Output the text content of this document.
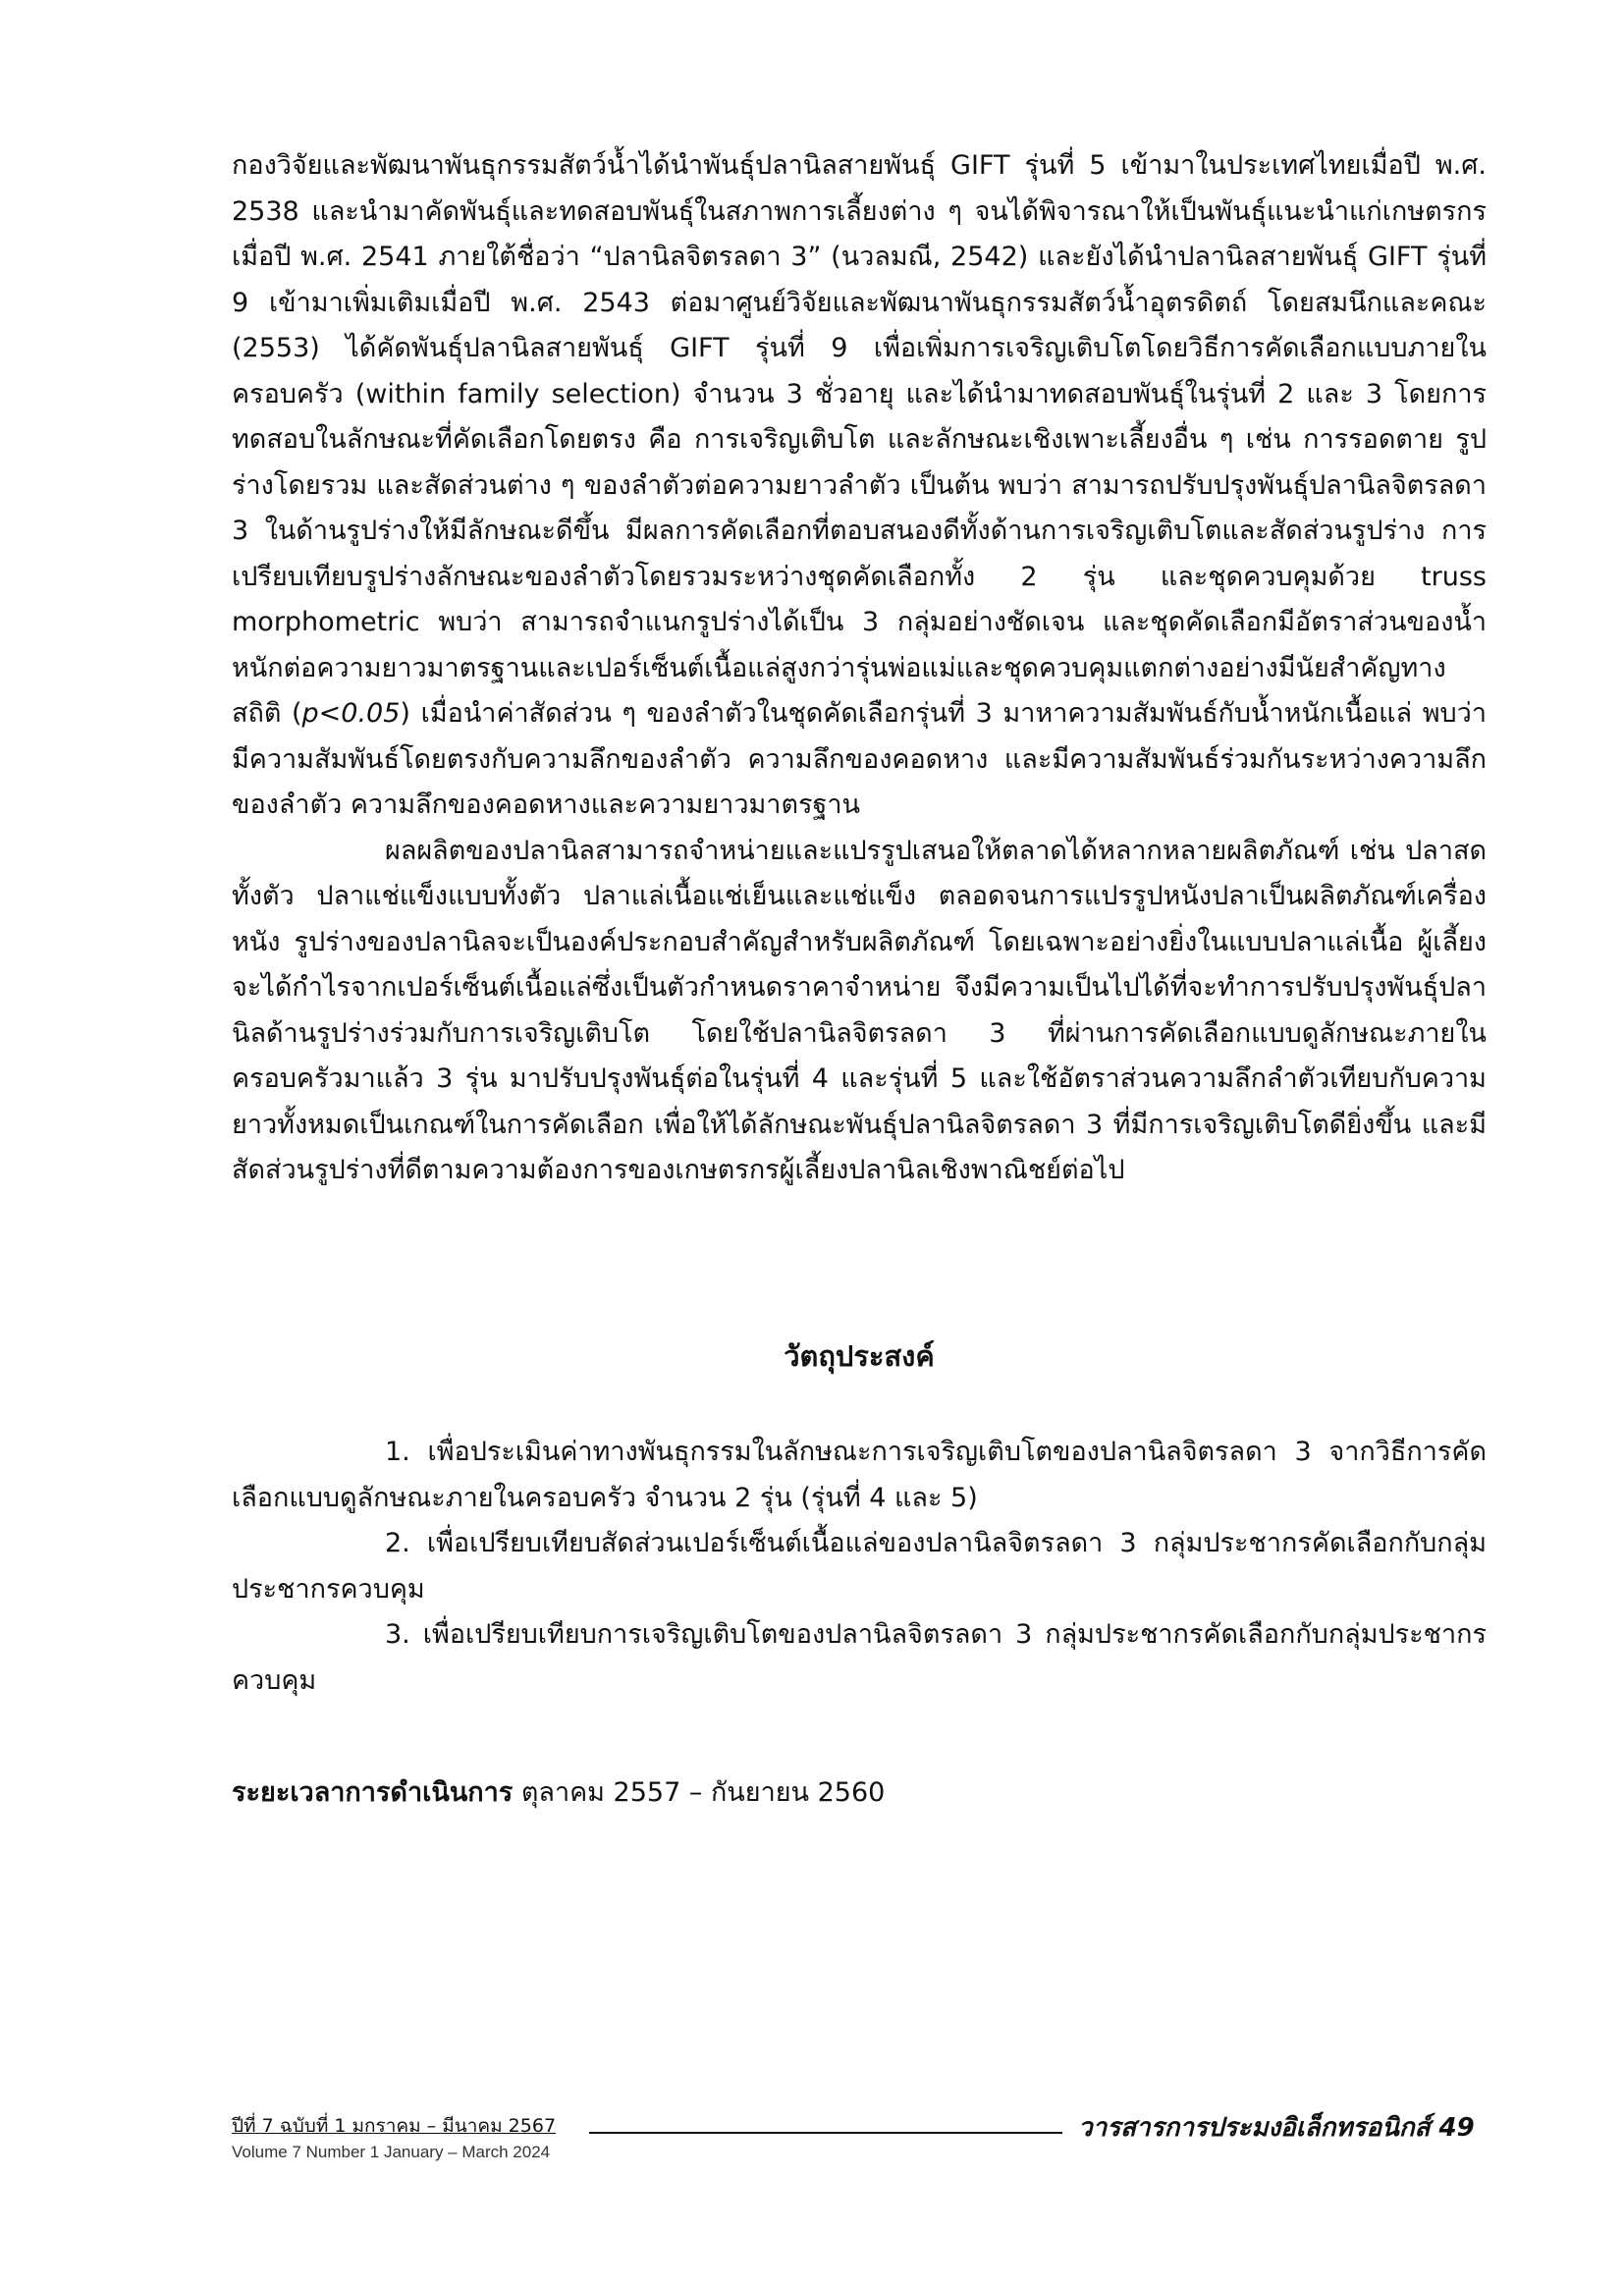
กองวิจัยและพัฒนาพันธุกรรมสัตว์น้ำได้นำพันธุ์ปลานิลสายพันธุ์ GIFT รุ่นที่ 5 เข้ามาในประเทศไทยเมื่อปี พ.ศ. 2538 และนำมาคัดพันธุ์และทดสอบพันธุ์ในสภาพการเลี้ยงต่าง ๆ จนได้พิจารณาให้เป็นพันธุ์แนะนำแก่เกษตรกรเมื่อปี พ.ศ. 2541 ภายใต้ชื่อว่า “ปลานิลจิตรลดา 3” (นวลมณี, 2542) และยังได้นำปลานิลสายพันธุ์ GIFT รุ่นที่ 9 เข้ามาเพิ่มเติมเมื่อปี พ.ศ. 2543 ต่อมาศูนย์วิจัยและพัฒนาพันธุกรรมสัตว์น้ำอุตรดิตถ์ โดยสมนึกและคณะ (2553) ได้คัดพันธุ์ปลานิลสายพันธุ์ GIFT รุ่นที่ 9 เพื่อเพิ่มการเจริญเติบโตโดยวิธีการคัดเลือกแบบภายในครอบครัว (within family selection) จำนวน 3 ชั่วอายุ และได้นำมาทดสอบพันธุ์ในรุ่นที่ 2 และ 3 โดยการทดสอบในลักษณะที่คัดเลือกโดยตรง คือ การเจริญเติบโต และลักษณะเชิงเพาะเลี้ยงอื่น ๆ เช่น การรอดตาย รูปร่างโดยรวม และสัดส่วนต่าง ๆ ของลำตัวต่อความยาวลำตัว เป็นต้น พบว่า สามารถปรับปรุงพันธุ์ปลานิลจิตรลดา 3 ในด้านรูปร่างให้มีลักษณะดีขึ้น มีผลการคัดเลือกที่ตอบสนองดีทั้งด้านการเจริญเติบโตและสัดส่วนรูปร่าง การเปรียบเทียบรูปร่างลักษณะของลำตัวโดยรวมระหว่างชุดคัดเลือกทั้ง 2 รุ่น และชุดควบคุมด้วย truss morphometric พบว่า สามารถจำแนกรูปร่างได้เป็น 3 กลุ่มอย่างชัดเจน และชุดคัดเลือกมีอัตราส่วนของน้ำหนักต่อความยาวมาตรฐานและเปอร์เซ็นต์เนื้อแล่สูงกว่ารุ่นพ่อแม่และชุดควบคุมแตกต่างอย่างมีนัยสำคัญทางสถิติ (p<0.05) เมื่อนำค่าสัดส่วน ๆ ของลำตัวในชุดคัดเลือกรุ่นที่ 3 มาหาความสัมพันธ์กับน้ำหนักเนื้อแล่ พบว่า มีความสัมพันธ์โดยตรงกับความลึกของลำตัว ความลึกของคอดหาง และมีความสัมพันธ์ร่วมกันระหว่างความลึกของลำตัว ความลึกของคอดหางและความยาวมาตรฐาน

ผลผลิตของปลานิลสามารถจำหน่ายและแปรรูปเสนอให้ตลาดได้หลากหลายผลิตภัณฑ์ เช่น ปลาสดทั้งตัว ปลาแช่แข็งแบบทั้งตัว ปลาแล่เนื้อแช่เย็นและแช่แข็ง ตลอดจนการแปรรูปหนังปลาเป็นผลิตภัณฑ์เครื่องหนัง รูปร่างของปลานิลจะเป็นองค์ประกอบสำคัญสำหรับผลิตภัณฑ์ โดยเฉพาะอย่างยิ่งในแบบปลาแล่เนื้อ ผู้เลี้ยงจะได้กำไรจากเปอร์เซ็นต์เนื้อแล่ซึ่งเป็นตัวกำหนดราคาจำหน่าย จึงมีความเป็นไปได้ที่จะทำการปรับปรุงพันธุ์ปลานิลด้านรูปร่างร่วมกับการเจริญเติบโต โดยใช้ปลานิลจิตรลดา 3 ที่ผ่านการคัดเลือกแบบดูลักษณะภายในครอบครัวมาแล้ว 3 รุ่น มาปรับปรุงพันธุ์ต่อในรุ่นที่ 4 และรุ่นที่ 5 และใช้อัตราส่วนความลึกลำตัวเทียบกับความยาวทั้งหมดเป็นเกณฑ์ในการคัดเลือก เพื่อให้ได้ลักษณะพันธุ์ปลานิลจิตรลดา 3 ที่มีการเจริญเติบโตดียิ่งขึ้น และมีสัดส่วนรูปร่างที่ดีตามความต้องการของเกษตรกรผู้เลี้ยงปลานิลเชิงพาณิชย์ต่อไป

วัตถุประสงค์

1. เพื่อประเมินค่าทางพันธุกรรมในลักษณะการเจริญเติบโตของปลานิลจิตรลดา 3 จากวิธีการคัดเลือกแบบดูลักษณะภายในครอบครัว จำนวน 2 รุ่น (รุ่นที่ 4 และ 5)

2. เพื่อเปรียบเทียบสัดส่วนเปอร์เซ็นต์เนื้อแล่ของปลานิลจิตรลดา 3 กลุ่มประชากรคัดเลือกกับกลุ่มประชากรควบคุม

3. เพื่อเปรียบเทียบการเจริญเติบโตของปลานิลจิตรลดา 3 กลุ่มประชากรคัดเลือกกับกลุ่มประชากรควบคุม

ระยะเวลาการดำเนินการ ตุลาคม 2557 – กันยายน 2560
ปีที่ 7 ฉบับที่ 1 มกราคม – มีนาคม 2567	วารสารการประมงอิเล็กทรอนิกส์ 49
Volume 7 Number 1 January – March 2024
